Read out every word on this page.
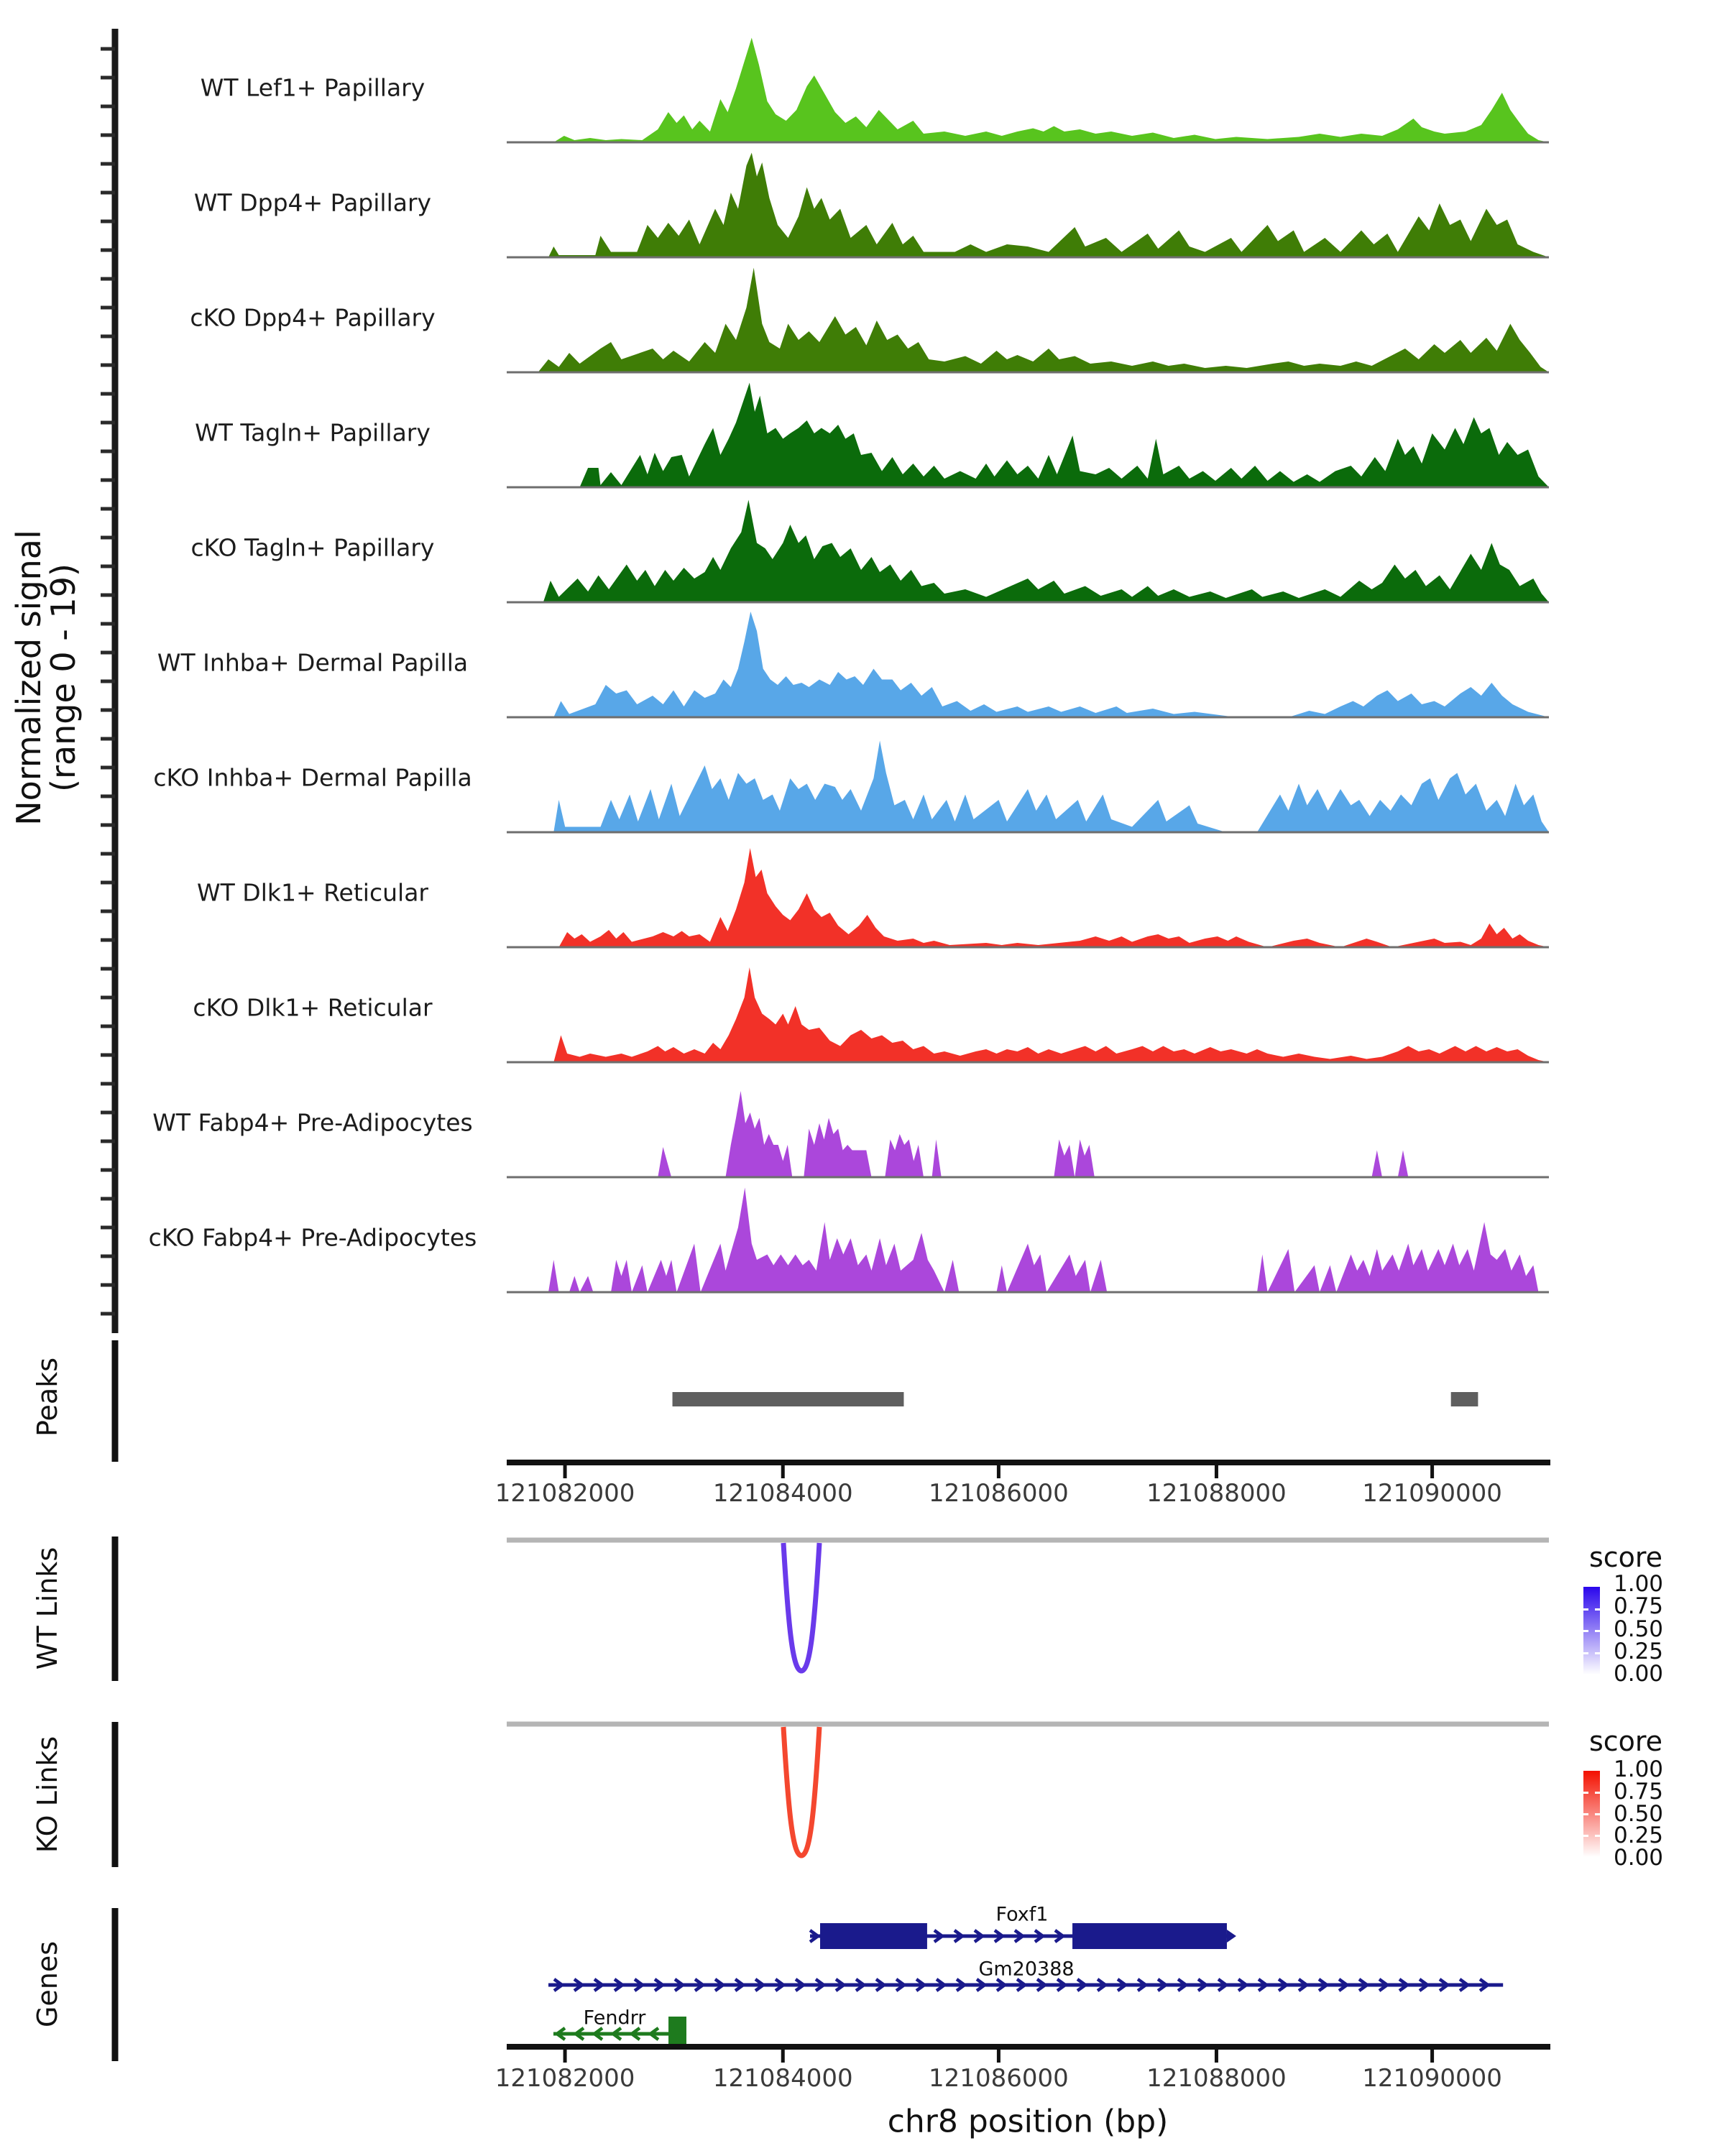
Normalized signal
(range 0 - 19)
Peaks
WT Links
KO Links
Genes
WT Lef1+ Papillary
WT Dpp4+ Papillary
cKO Dpp4+ Papillary
WT Tagln+ Papillary
cKO Tagln+ Papillary
WT Inhba+ Dermal Papilla
cKO Inhba+ Dermal Papilla
WT Dlk1+ Reticular
cKO Dlk1+ Reticular
WT Fabp4+ Pre-Adipocytes
cKO Fabp4+ Pre-Adipocytes
121082000	121084000	121086000	121088000	121090000
121082000	121084000	121086000	121088000	121090000
score
1.00
0.75
0.50
0.25
0.00
score
1.00
0.75
0.50
0.25
0.00
Foxf1
Gm20388
Fendrr
chr8 position (bp)
